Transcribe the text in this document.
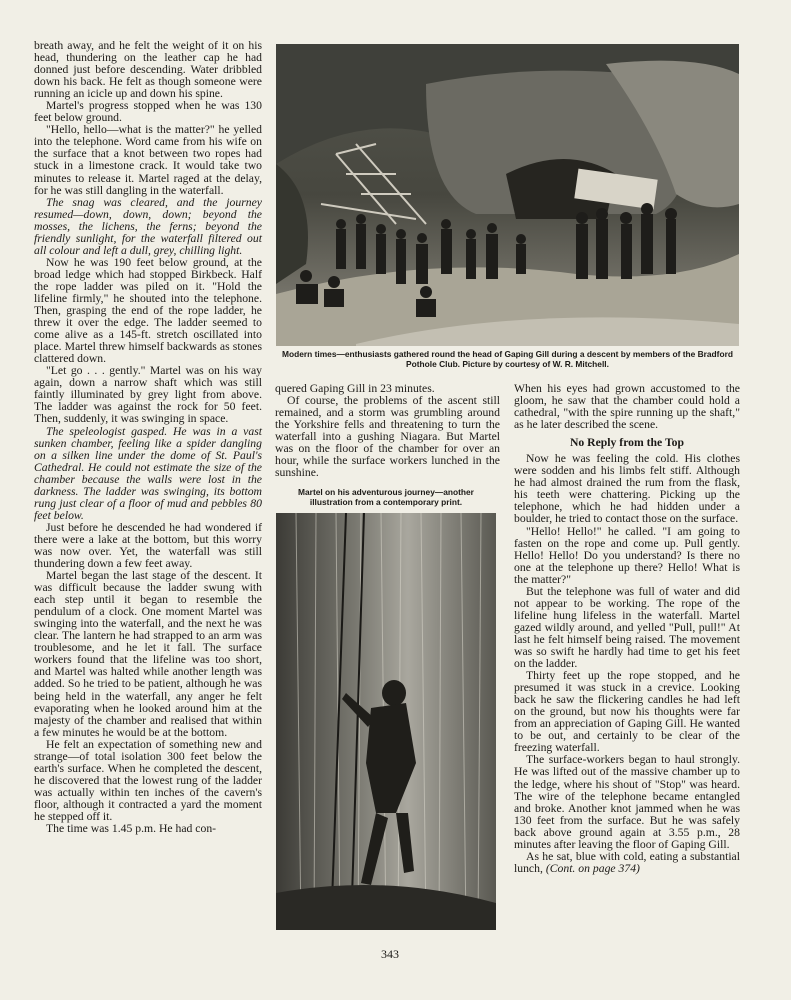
breath away, and he felt the weight of it on his head, thundering on the leather cap he had donned just before descending. Water dribbled down his back. He felt as though someone were running an icicle up and down his spine.

Martel's progress stopped when he was 130 feet below ground.

"Hello, hello—what is the matter?" he yelled into the telephone. Word came from his wife on the surface that a knot between two ropes had stuck in a limestone crack. It would take two minutes to release it. Martel raged at the delay, for he was still dangling in the waterfall.

The snag was cleared, and the journey resumed—down, down, down; beyond the mosses, the lichens, the ferns; beyond the friendly sunlight, for the waterfall filtered out all colour and left a dull, grey, chilling light.

Now he was 190 feet below ground, at the broad ledge which had stopped Birkbeck. Half the rope ladder was piled on it. "Hold the lifeline firmly," he shouted into the telephone. Then, grasping the end of the rope ladder, he threw it over the edge. The ladder seemed to come alive as a 145-ft. stretch oscillated into place. Martel threw himself backwards as stones clattered down.

"Let go . . . gently." Martel was on his way again, down a narrow shaft which was still faintly illuminated by grey light from above. The ladder was against the rock for 50 feet. Then, suddenly, it was swinging in space.

The speleologist gasped. He was in a vast sunken chamber, feeling like a spider dangling on a silken line under the dome of St. Paul's Cathedral. He could not estimate the size of the chamber because the walls were lost in the darkness. The ladder was swinging, its bottom rung just clear of a floor of mud and pebbles 80 feet below.

Just before he descended he had wondered if there were a lake at the bottom, but this worry was now over. Yet, the waterfall was still thundering down a few feet away.

Martel began the last stage of the descent. It was difficult because the ladder swung with each step until it began to resemble the pendulum of a clock. One moment Martel was swinging into the waterfall, and the next he was clear. The lantern he had strapped to an arm was troublesome, and he let it fall. The surface workers found that the lifeline was too short, and Martel was halted while another length was added. So he tried to be patient, although he was being held in the waterfall, any anger he felt evaporating when he looked around him at the majesty of the chamber and realised that within a few minutes he would be at the bottom.

He felt an expectation of something new and strange—of total isolation 300 feet below the earth's surface. When he completed the descent, he discovered that the lowest rung of the ladder was actually within ten inches of the cavern's floor, although it contracted a yard the moment he stepped off it.

The time was 1.45 p.m. He had con-

Modern times—enthusiasts gathered round the head of Gaping Gill during a descent by members of the Bradford Pothole Club. Picture by courtesy of W. R. Mitchell.

quered Gaping Gill in 23 minutes.

Of course, the problems of the ascent still remained, and a storm was grumbling around the Yorkshire fells and threatening to turn the waterfall into a gushing Niagara. But Martel was on the floor of the chamber for over an hour, while the surface workers lunched in the sunshine.

Martel on his adventurous journey—another illustration from a contemporary print.

When his eyes had grown accustomed to the gloom, he saw that the chamber could hold a cathedral, "with the spire running up the shaft," as he later described the scene.

No Reply from the Top

Now he was feeling the cold. His clothes were sodden and his limbs felt stiff. Although he had almost drained the rum from the flask, his teeth were chattering. Picking up the telephone, which he had hidden under a boulder, he tried to contact those on the surface.

"Hello! Hello!" he called. "I am going to fasten on the rope and come up. Pull gently. Hello! Hello! Do you understand? Is there no one at the telephone up there? Hello! What is the matter?"

But the telephone was full of water and did not appear to be working. The rope of the lifeline hung lifeless in the waterfall. Martel gazed wildly around, and yelled "Pull, pull!" At last he felt himself being raised. The movement was so swift he hardly had time to get his feet on the ladder.

Thirty feet up the rope stopped, and he presumed it was stuck in a crevice. Looking back he saw the flickering candles he had left on the ground, but now his thoughts were far from an appreciation of Gaping Gill. He wanted to be out, and certainly to be clear of the freezing waterfall.

The surface-workers began to haul strongly. He was lifted out of the massive chamber up to the ledge, where his shout of "Stop" was heard. The wire of the telephone became entangled and broke. Another knot jammed when he was 130 feet from the surface. But he was safely back above ground again at 3.55 p.m., 28 minutes after leaving the floor of Gaping Gill.

As he sat, blue with cold, eating a substantial lunch, (Cont. on page 374)

343
